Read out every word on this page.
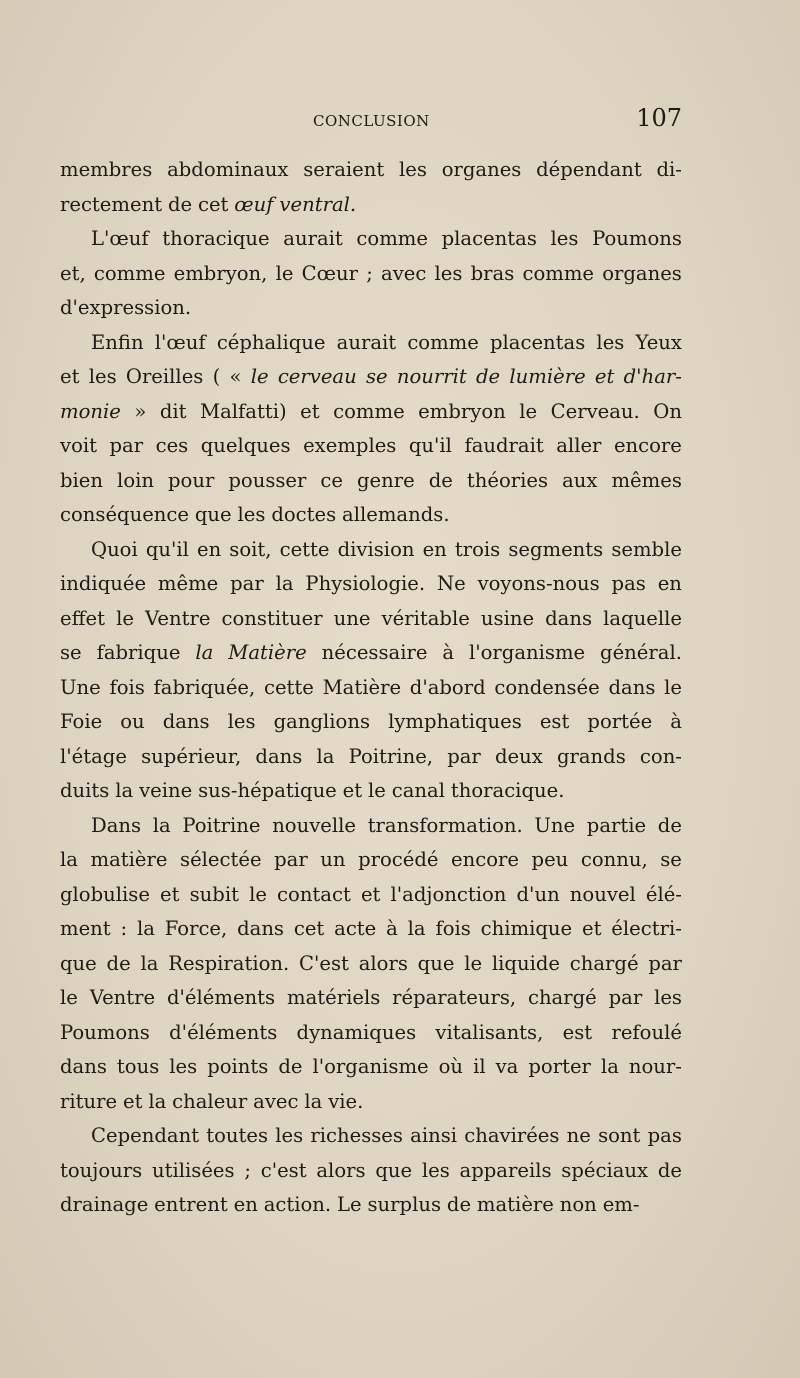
CONCLUSION	107
membres abdominaux seraient les organes dépendant di-
rectement de cet œuf ventral.
L'œuf thoracique aurait comme placentas les Poumons
et, comme embryon, le Cœur ; avec les bras comme organes
d'expression.
Enfin l'œuf céphalique aurait comme placentas les Yeux
et les Oreilles ( « le cerveau se nourrit de lumière et d'har-
monie » dit Malfatti) et comme embryon le Cerveau. On
voit par ces quelques exemples qu'il faudrait aller encore
bien loin pour pousser ce genre de théories aux mêmes
conséquence que les doctes allemands.
Quoi qu'il en soit, cette division en trois segments semble
indiquée même par la Physiologie. Ne voyons-nous pas en
effet le Ventre constituer une véritable usine dans laquelle
se fabrique la Matière nécessaire à l'organisme général.
Une fois fabriquée, cette Matière d'abord condensée dans le
Foie ou dans les ganglions lymphatiques est portée à
l'étage supérieur, dans la Poitrine, par deux grands con-
duits la veine sus-hépatique et le canal thoracique.
Dans la Poitrine nouvelle transformation. Une partie de
la matière sélectée par un procédé encore peu connu, se
globulise et subit le contact et l'adjonction d'un nouvel élé-
ment : la Force, dans cet acte à la fois chimique et électri-
que de la Respiration. C'est alors que le liquide chargé par
le Ventre d'éléments matériels réparateurs, chargé par les
Poumons d'éléments dynamiques vitalisants, est refoulé
dans tous les points de l'organisme où il va porter la nour-
riture et la chaleur avec la vie.
Cependant toutes les richesses ainsi chavirées ne sont pas
toujours utilisées ; c'est alors que les appareils spéciaux de
drainage entrent en action. Le surplus de matière non em-
